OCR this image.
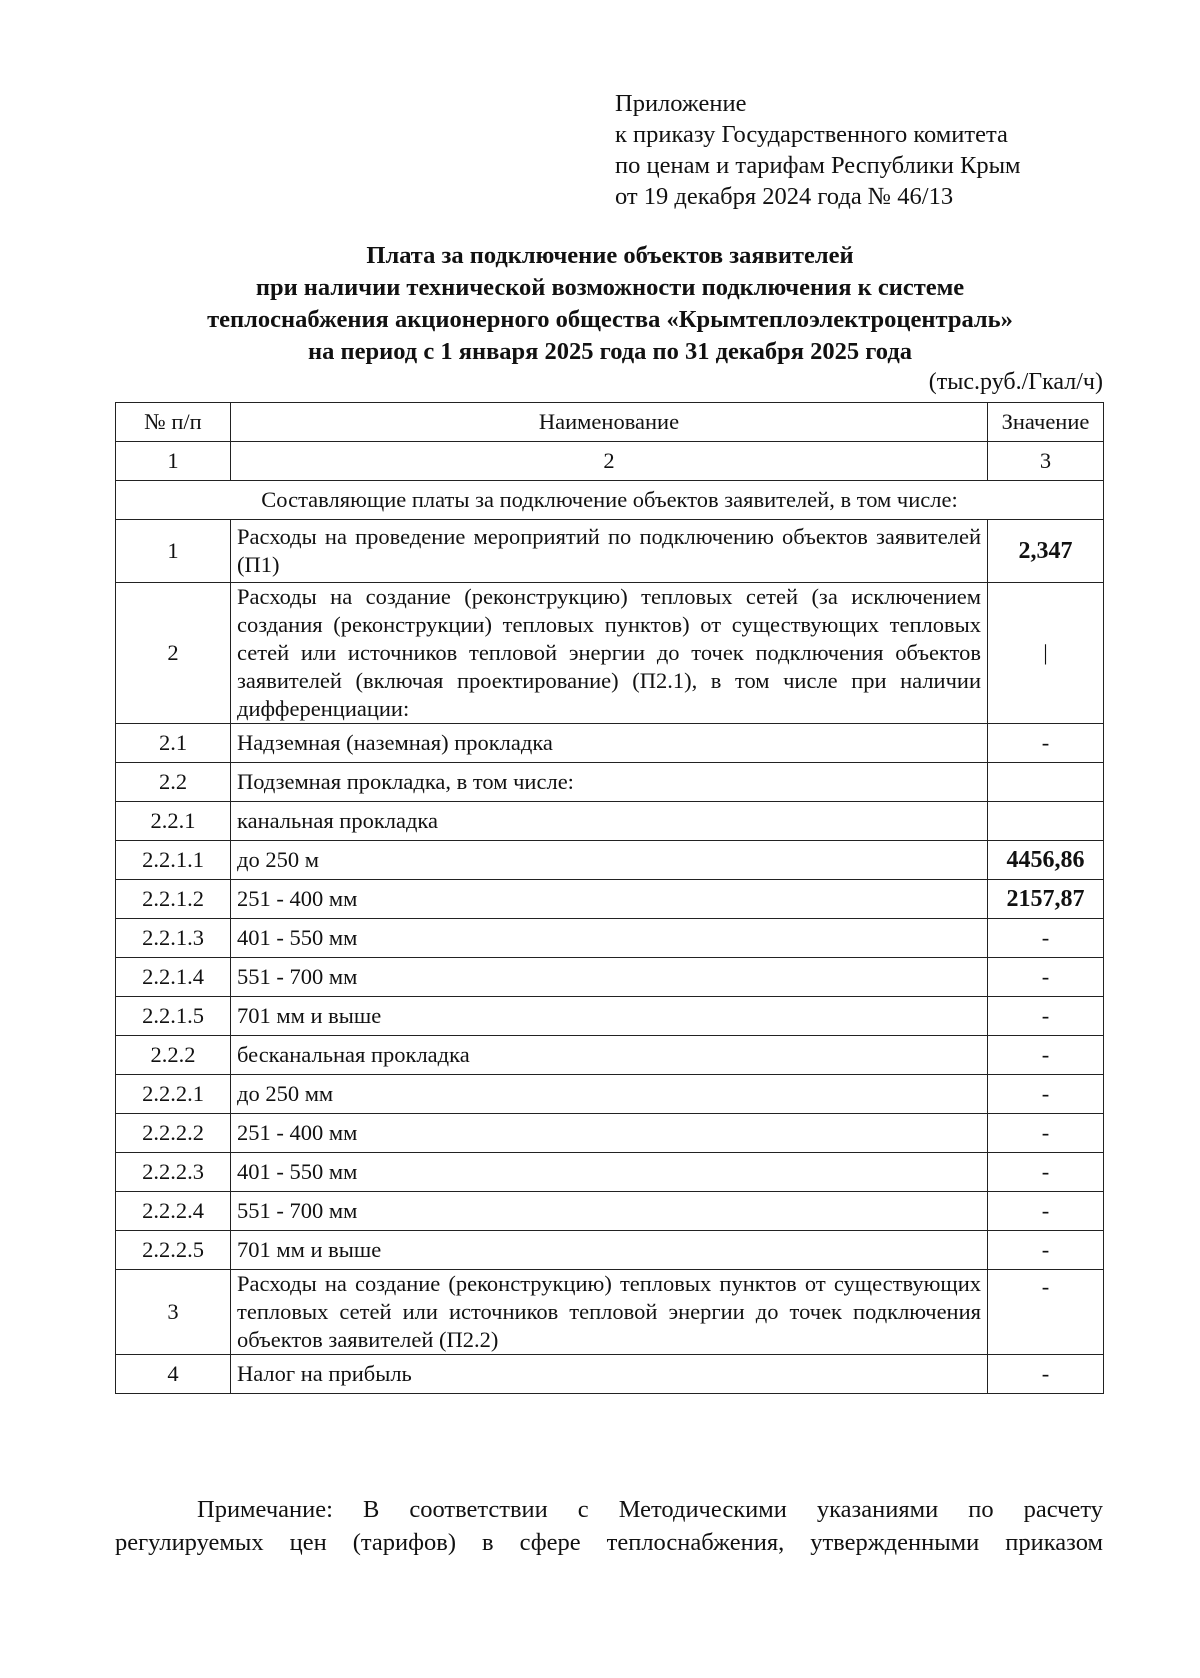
Приложение
к приказу Государственного комитета
по ценам и тарифам Республики Крым
от 19 декабря 2024 года № 46/13
Плата за подключение объектов заявителей
при наличии технической возможности подключения к системе
теплоснабжения акционерного общества «Крымтеплоэлектроцентраль»
на период с 1 января 2025 года по 31 декабря 2025 года
(тыс.руб./Гкал/ч)
№ п/п	Наименование	Значение
1	2	3
Составляющие платы за подключение объектов заявителей, в том числе:		
1	Расходы на проведение мероприятий по подключению объектов заявителей (П1)	2,347
2	Расходы на создание (реконструкцию) тепловых сетей (за исключением создания (реконструкции) тепловых пунктов) от существующих тепловых сетей или источников тепловой энергии до точек подключения объектов заявителей (включая проектирование) (П2.1), в том числе при наличии дифференциации:	|
2.1	Надземная (наземная) прокладка	-
2.2	Подземная прокладка, в том числе:	
2.2.1	канальная прокладка	
2.2.1.1	до 250 м	4456,86
2.2.1.2	251 - 400 мм	2157,87
2.2.1.3	401 - 550 мм	-
2.2.1.4	551 - 700 мм	-
2.2.1.5	701 мм и выше	-
2.2.2	бесканальная прокладка	-
2.2.2.1	до 250 мм	-
2.2.2.2	251 - 400 мм	-
2.2.2.3	401 - 550 мм	-
2.2.2.4	551 - 700 мм	-
2.2.2.5	701 мм и выше	-
3	Расходы на создание (реконструкцию) тепловых пунктов от существующих тепловых сетей или источников тепловой энергии до точек подключения объектов заявителей (П2.2)	-
4	Налог на прибыль	-

Примечание: В соответствии с Методическими указаниями по расчету

регулируемых цен (тарифов) в сфере теплоснабжения, утвержденными приказом
